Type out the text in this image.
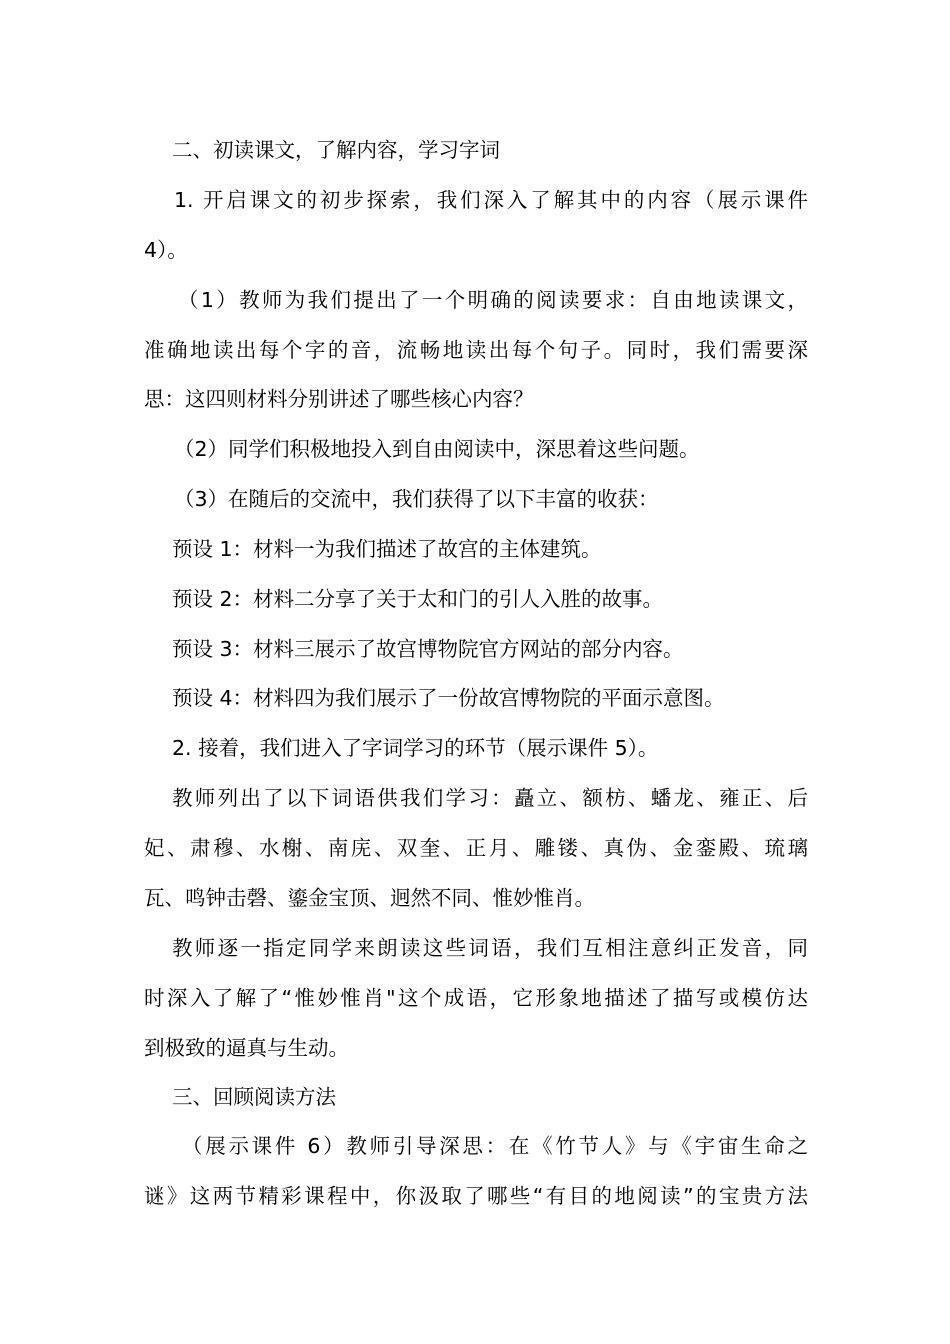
二、初读课文，了解内容，学习字词
1. 开启课文的初步探索，我们深入了解其中的内容（展示课件
4）。
（1）教师为我们提出了一个明确的阅读要求：自由地读课文，
准确地读出每个字的音，流畅地读出每个句子。同时，我们需要深
思：这四则材料分别讲述了哪些核心内容？
（2）同学们积极地投入到自由阅读中，深思着这些问题。
（3）在随后的交流中，我们获得了以下丰富的收获：
预设 1：材料一为我们描述了故宫的主体建筑。
预设 2：材料二分享了关于太和门的引人入胜的故事。
预设 3：材料三展示了故宫博物院官方网站的部分内容。
预设 4：材料四为我们展示了一份故宫博物院的平面示意图。
2. 接着，我们进入了字词学习的环节（展示课件 5）。
教师列出了以下词语供我们学习：矗立、额枋、蟠龙、雍正、后
妃、肃穆、水榭、南庑、双奎、正月、雕镂、真伪、金銮殿、琉璃
瓦、鸣钟击磬、鎏金宝顶、迥然不同、惟妙惟肖。
教师逐一指定同学来朗读这些词语，我们互相注意纠正发音，同
时深入了解了“惟妙惟肖"这个成语，它形象地描述了描写或模仿达
到极致的逼真与生动。
三、回顾阅读方法
（展示课件 6）教师引导深思：在《竹节人》与《宇宙生命之
谜》这两节精彩课程中，你汲取了哪些“有目的地阅读”的宝贵方法
